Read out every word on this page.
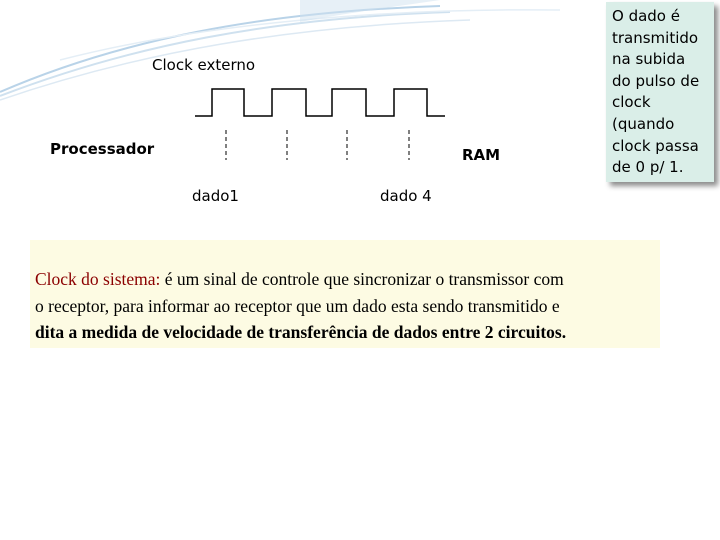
Clock externo
Processador	RAM
dado1	dado 4
O dado é
transmitido
na subida
do pulso de
clock
(quando
clock passa
de 0 p/ 1.
Clock do sistema: é um sinal de controle que sincronizar o transmissor com
o receptor, para informar ao receptor que um dado esta sendo transmitido e
dita a medida de velocidade de transferência de dados entre 2 circuitos.
